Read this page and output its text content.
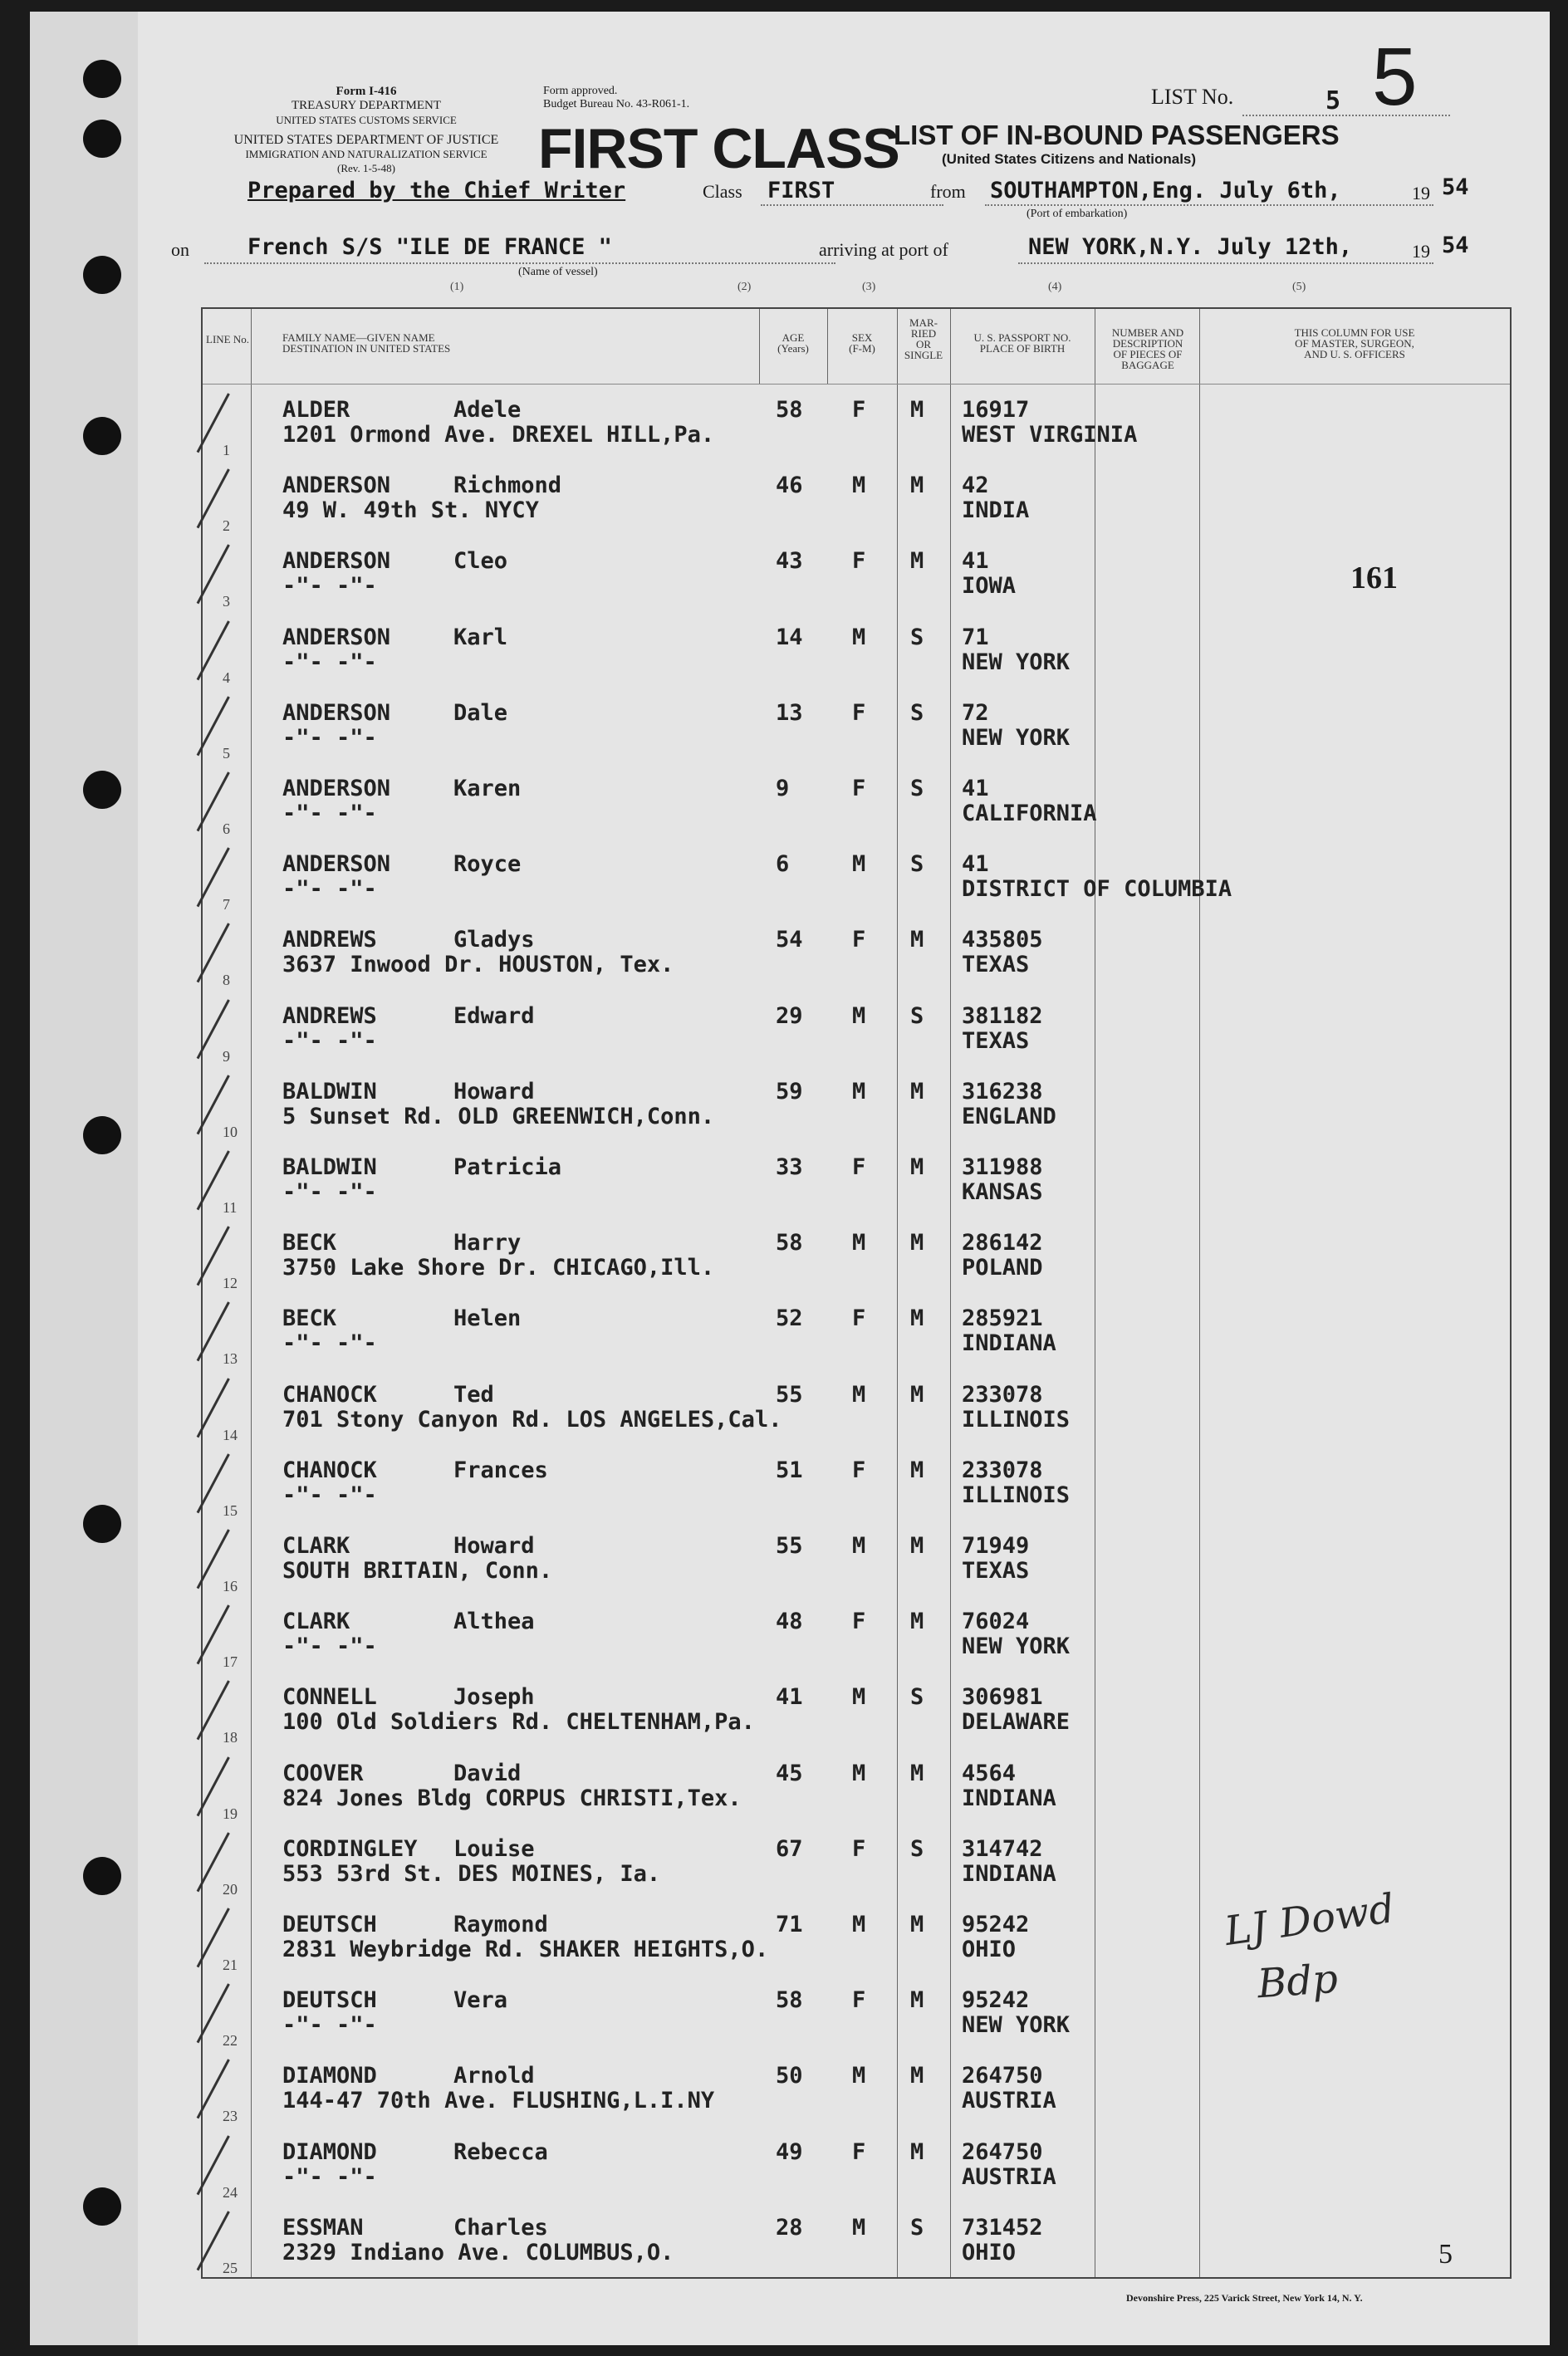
Form I-416
TREASURY DEPARTMENT
UNITED STATES CUSTOMS SERVICE
UNITED STATES DEPARTMENT OF JUSTICE
IMMIGRATION AND NATURALIZATION SERVICE
(Rev. 1-5-48)
Form approved.
Budget Bureau No. 43-R061-1.
FIRST CLASS
LIST No.	5 5
LIST OF IN-BOUND PASSENGERS
(United States Citizens and Nationals)
Prepared by the Chief Writer	Class FIRST	from SOUTHAMPTON,Eng. July 6th,	19 54
(Port of embarkation)
on	French S/S "ILE DE FRANCE "
(Name of vessel)
arriving at port of	NEW YORK,N.Y. July 12th,	19 54
(1)	(2)	(3)	(4)	(5)
LINE No.	FAMILY NAME—GIVEN NAME
DESTINATION IN UNITED STATES
AGE
(Years)
SEX
(F-M)
MAR-
RIED
OR
SINGLE
U. S. PASSPORT NO.
PLACE OF BIRTH
NUMBER AND DESCRIPTION
OF PIECES OF
BAGGAGE
THIS COLUMN FOR USE
OF MASTER, SURGEON,
AND U. S. OFFICERS
1
ALDER	Adele	58 F M 16917
1201 Ormond Ave. DREXEL HILL,Pa.	WEST VIRGINIA
2
ANDERSON	Richmond	46 M M 42
49 W. 49th St. NYCY	INDIA
3
ANDERSON	Cleo	43 F M 41
-"- -"-	IOWA
4
ANDERSON	Karl	14 M S 71
-"- -"-	NEW YORK
5
ANDERSON	Dale	13 F S 72
-"- -"-	NEW YORK
6
ANDERSON	Karen	9	F S 41
-"- -"-	CALIFORNIA
7
ANDERSON	Royce	6	M S 41
-"- -"-	DISTRICT OF COLUMBIA
8
ANDREWS	Gladys	54 F M 435805
3637 Inwood Dr. HOUSTON, Tex.	TEXAS
9
ANDREWS	Edward	29 M S 381182
-"- -"-	TEXAS
10
BALDWIN	Howard	59 M M 316238
5 Sunset Rd. OLD GREENWICH,Conn.	ENGLAND
11
BALDWIN	Patricia	33 F M 311988
-"- -"-	KANSAS
12
BECK	Harry	58 M M 286142
3750 Lake Shore Dr. CHICAGO,Ill.	POLAND
13
BECK	Helen	52 F M 285921
-"- -"-	INDIANA
14
CHANOCK	Ted	55 M M 233078
701 Stony Canyon Rd. LOS ANGELES,Cal.	ILLINOIS
15
CHANOCK	Frances	51 F M 233078
-"- -"-	ILLINOIS
16
CLARK	Howard	55 M M 71949
SOUTH BRITAIN, Conn.	TEXAS
17
CLARK	Althea	48 F M 76024
-"- -"-	NEW YORK
18
CONNELL	Joseph	41 M S 306981
100 Old Soldiers Rd. CHELTENHAM,Pa.	DELAWARE
19
COOVER	David	45 M M 4564
824 Jones Bldg CORPUS CHRISTI,Tex.	INDIANA
20
CORDINGLEY Louise	67 F S 314742
553 53rd St. DES MOINES, Ia.	INDIANA
21
DEUTSCH	Raymond	71 M M 95242
2831 Weybridge Rd. SHAKER HEIGHTS,O.	OHIO
22
DEUTSCH	Vera	58 F M 95242
-"- -"-	NEW YORK
23
DIAMOND	Arnold	50 M M 264750
144-47 70th Ave. FLUSHING,L.I.NY	AUSTRIA
24
DIAMOND	Rebecca	49 F M 264750
-"- -"-	AUSTRIA
25
ESSMAN	Charles	28 M S 731452
2329 Indiano Ave. COLUMBUS,O.	OHIO
161
LJ Dowd
Bdp
5
Devonshire Press, 225 Varick Street, New York 14, N. Y.
